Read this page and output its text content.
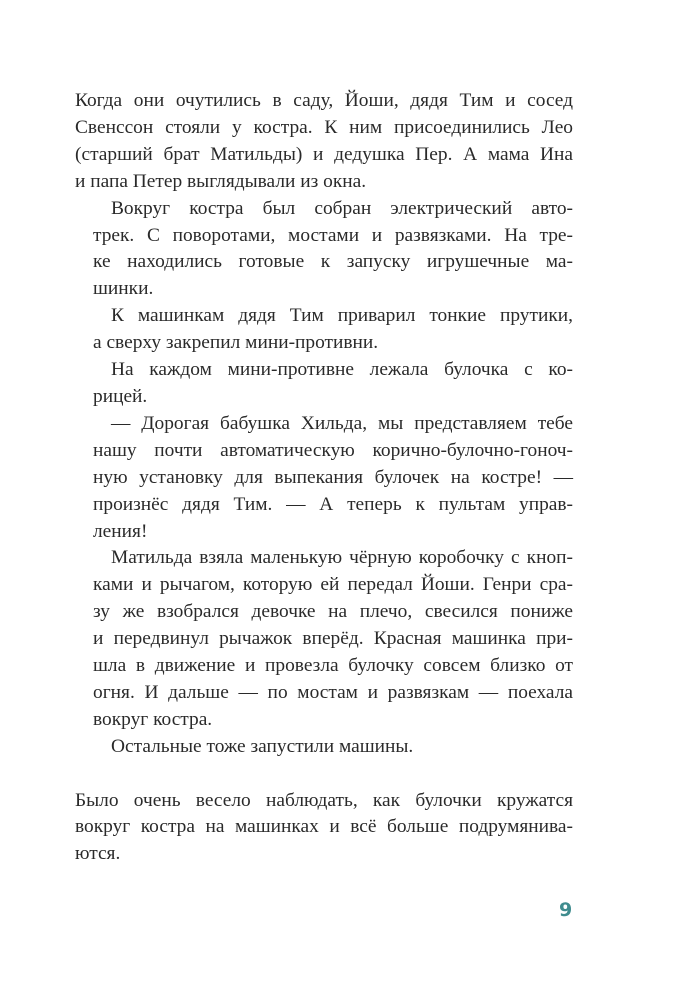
Когда они очутились в саду, Йоши, дядя Тим и сосед
Свенссон стояли у костра. К ним присоединились Лео
(старший брат Матильды) и дедушка Пер. А мама Ина
и папа Петер выглядывали из окна.

Вокруг костра был собран электрический авто-
трек. С поворотами, мостами и развязками. На тре-
ке находились готовые к запуску игрушечные ма-
шинки.

К машинкам дядя Тим приварил тонкие прутики,
а сверху закрепил мини-противни.

На каждом мини-противне лежала булочка с ко-
рицей.

— Дорогая бабушка Хильда, мы представляем тебе
нашу почти автоматическую корично-булочно-гоноч-
ную установку для выпекания булочек на костре! —
произнёс дядя Тим. — А теперь к пультам управ-
ления!

Матильда взяла маленькую чёрную коробочку с кноп-
ками и рычагом, которую ей передал Йоши. Генри сра-
зу же взобрался девочке на плечо, свесился пониже
и передвинул рычажок вперёд. Красная машинка при-
шла в движение и провезла булочку совсем близко от
огня. И дальше — по мостам и развязкам — поехала
вокруг костра.

Остальные тоже запустили машины.

Было очень весело наблюдать, как булочки кружатся
вокруг костра на машинках и всё больше подрумянива-
ются.

9
